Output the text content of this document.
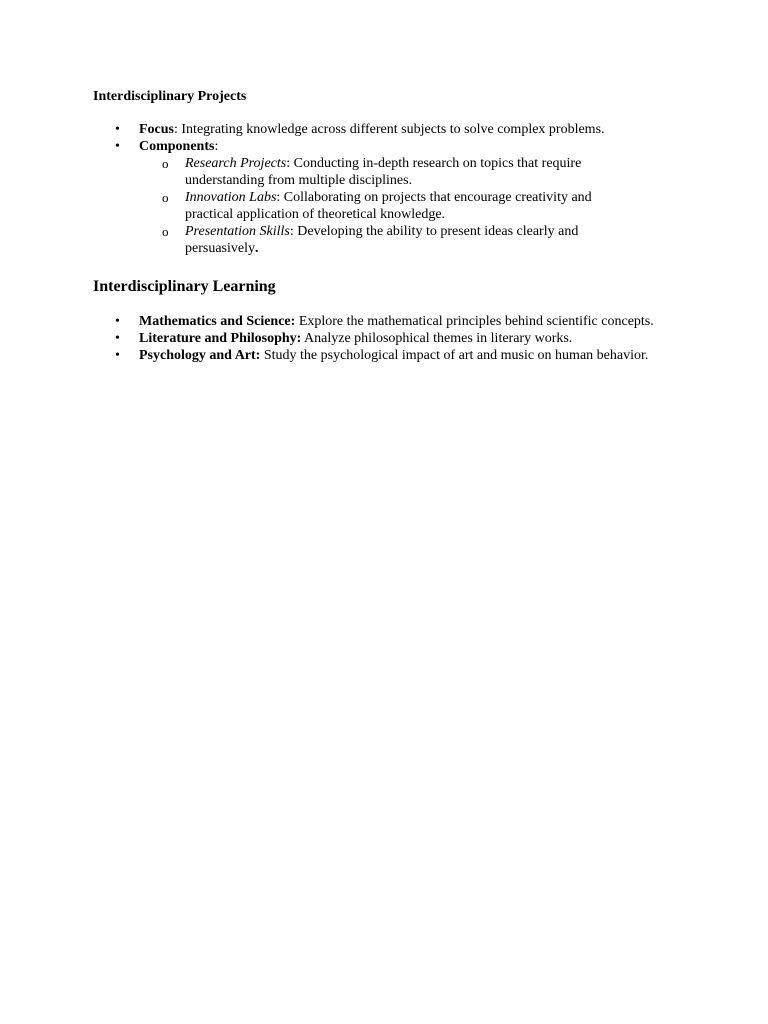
Interdisciplinary Projects
• Focus: Integrating knowledge across different subjects to solve complex problems.
• Components:
o Research Projects: Conducting in-depth research on topics that require understanding from multiple disciplines.
o Innovation Labs: Collaborating on projects that encourage creativity and practical application of theoretical knowledge.
o Presentation Skills: Developing the ability to present ideas clearly and persuasively.
Interdisciplinary Learning
• Mathematics and Science: Explore the mathematical principles behind scientific concepts.
• Literature and Philosophy: Analyze philosophical themes in literary works.
• Psychology and Art: Study the psychological impact of art and music on human behavior.
